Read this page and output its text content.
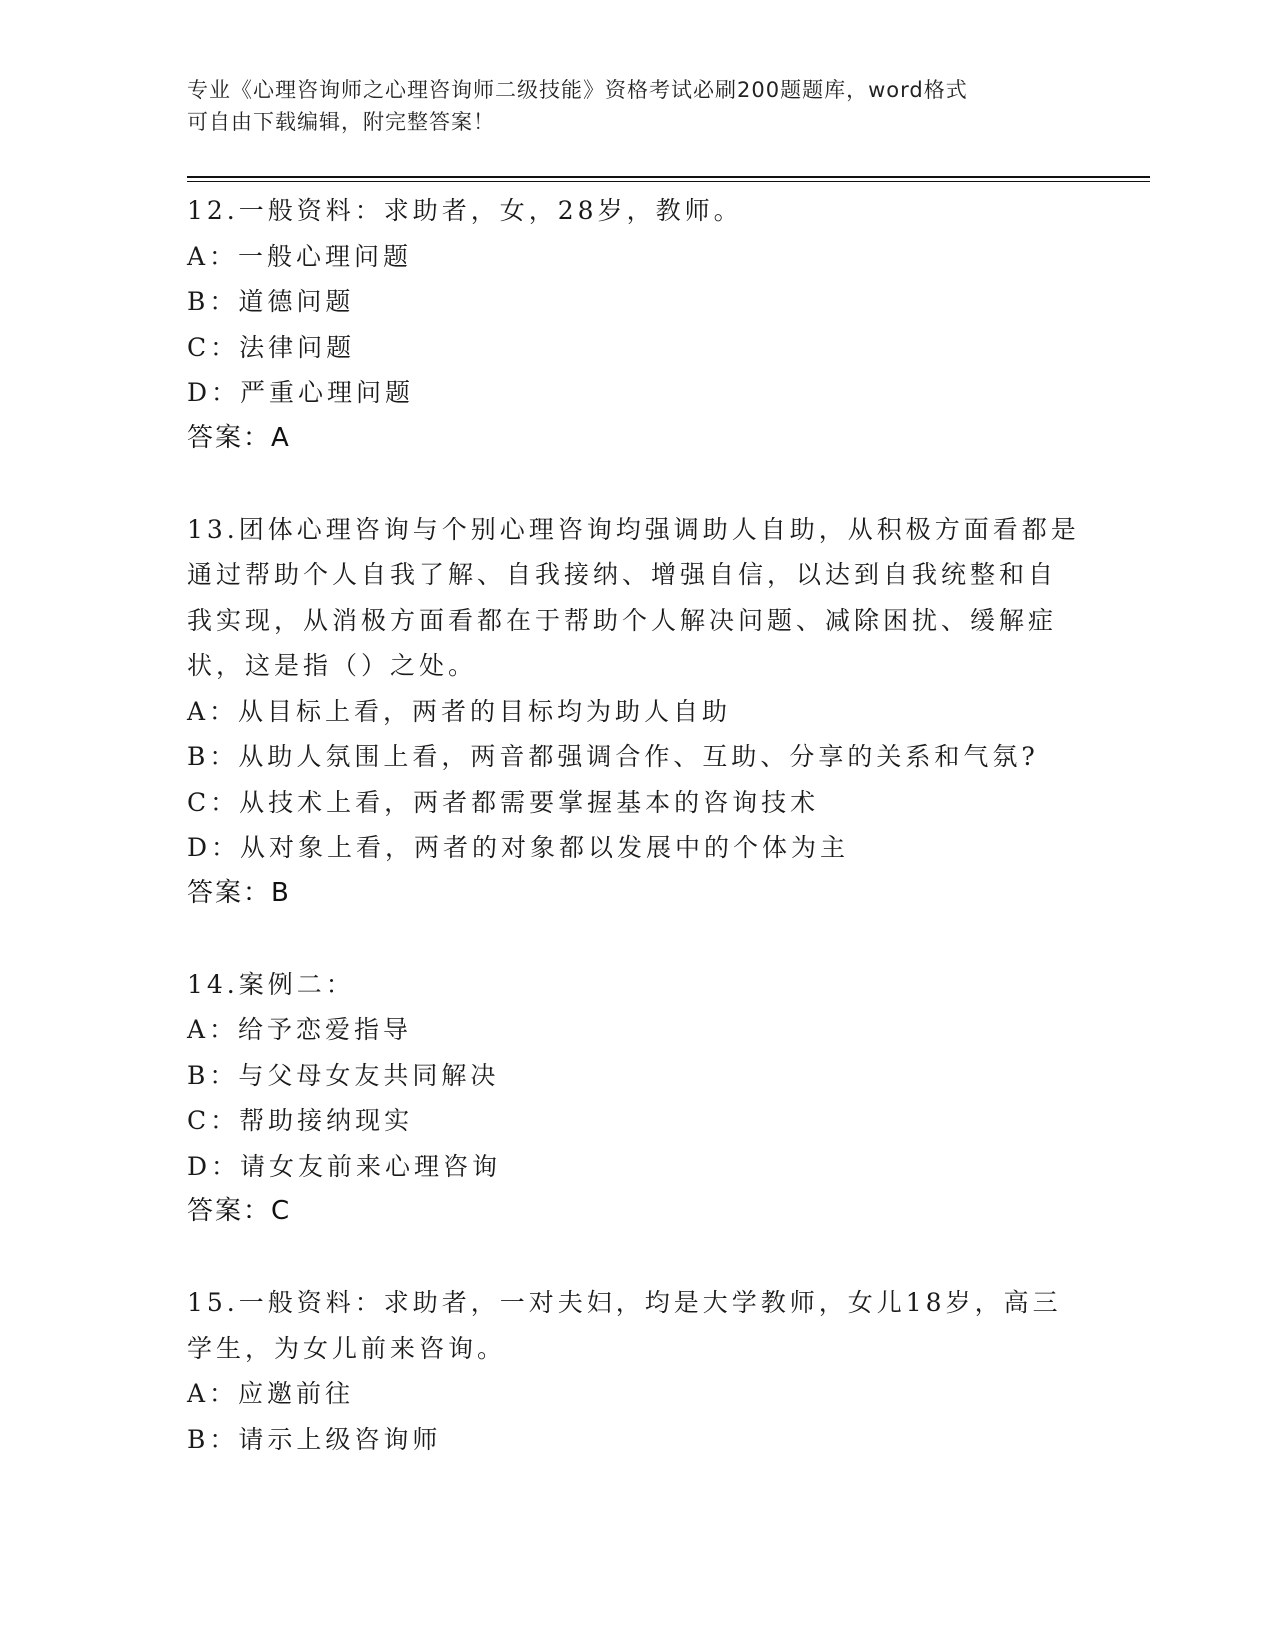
专业《心理咨询师之心理咨询师二级技能》资格考试必刷200题题库，word格式
可自由下载编辑，附完整答案！
12.一般资料：求助者，女，28岁，教师。
A：一般心理问题
B：道德问题
C：法律问题
D：严重心理问题
答案：A
13.团体心理咨询与个别心理咨询均强调助人自助，从积极方面看都是
通过帮助个人自我了解、自我接纳、增强自信，以达到自我统整和自
我实现，从消极方面看都在于帮助个人解决问题、减除困扰、缓解症
状，这是指（）之处。
A：从目标上看，两者的目标均为助人自助
B：从助人氛围上看，两音都强调合作、互助、分享的关系和气氛?
C：从技术上看，两者都需要掌握基本的咨询技术
D：从对象上看，两者的对象都以发展中的个体为主
答案：B
14.案例二：
A：给予恋爱指导
B：与父母女友共同解决
C：帮助接纳现实
D：请女友前来心理咨询
答案：C
15.一般资料：求助者，一对夫妇，均是大学教师，女儿18岁，高三
学生，为女儿前来咨询。
A：应邀前往
B：请示上级咨询师
